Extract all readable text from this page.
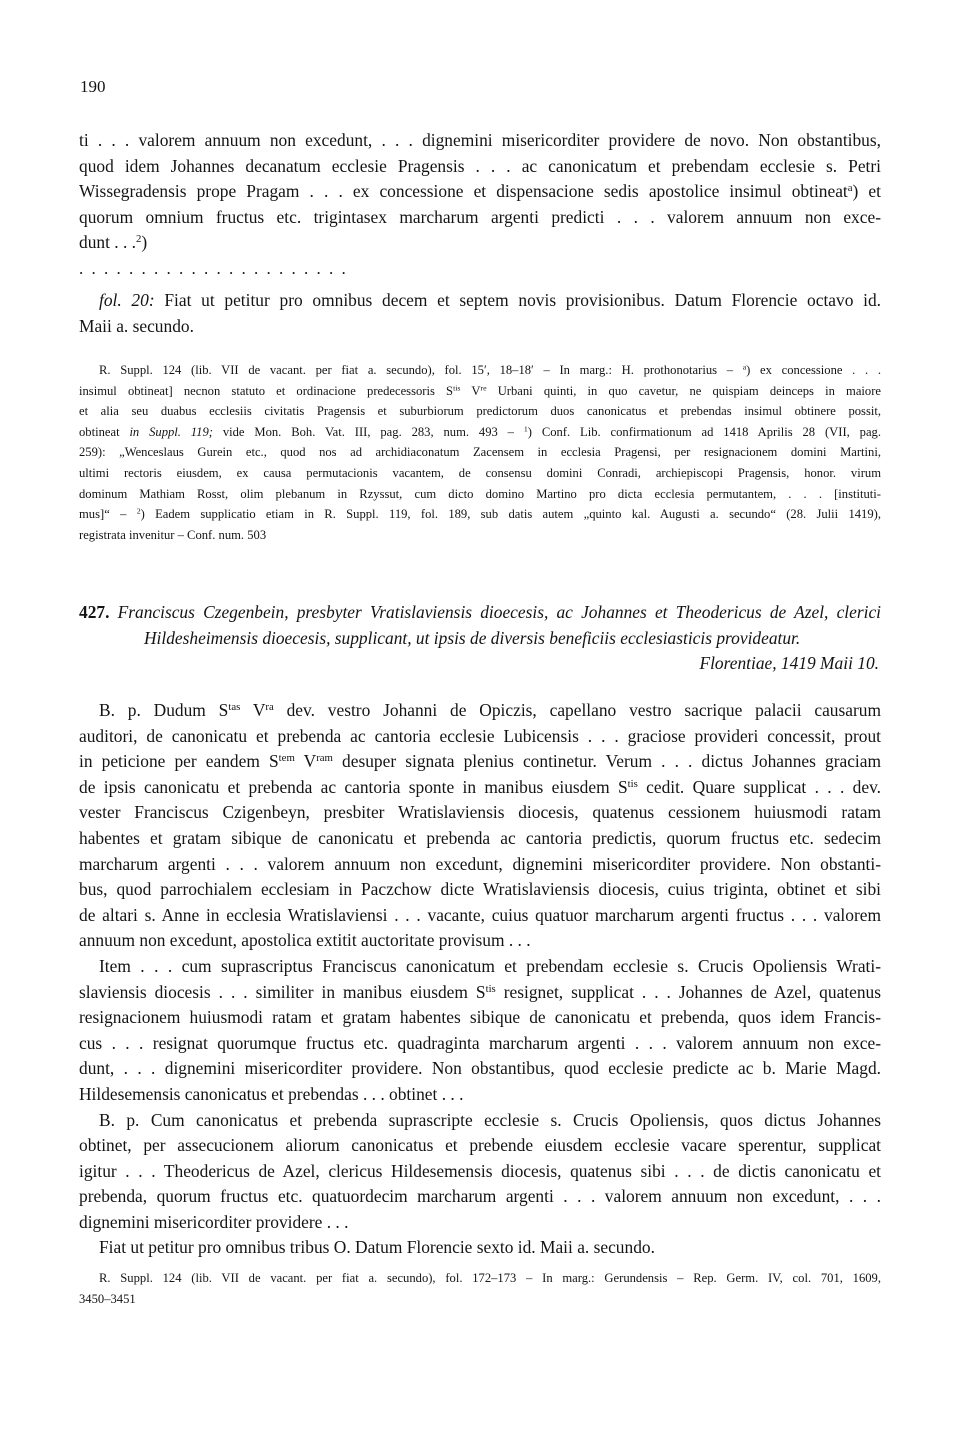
190

ti . . . valorem annuum non excedunt, . . . dignemini misericorditer providere de novo. Non obstantibus,

quod idem Johannes decanatum ecclesie Pragensis . . . ac canonicatum et prebendam ecclesie s. Petri

Wissegradensis prope Pragam . . . ex concessione et dispensacione sedis apostolice insimul obtineat$^a$) et

quorum omnium fructus etc. trigintasex marcharum argenti predicti . . . valorem annuum non exce-

dunt . . .$^2$)

. . . . . . . . . . . . . . . . . . . . . .

fol. 20: Fiat ut petitur pro omnibus decem et septem novis provisionibus. Datum Florencie octavo id.

Maii a. secundo.

R. Suppl. 124 (lib. VII de vacant. per fiat a. secundo), fol. 15′, 18–18′ – In marg.: H. prothonotarius – $^a$) ex concessione . . .

insimul obtineat] necnon statuto et ordinacione predecessoris $S^{tis}$ Vre Urbani quinti, in quo cavetur, ne quispiam deinceps in maiore

et alia seu duabus ecclesiis civitatis Pragensis et suburbiorum predictorum duos canonicatus et prebendas insimul obtinere possit,

obtineat in Suppl. 119; vide Mon. Boh. Vat. III, pag. 283, num. 493 – $^1$) Conf. Lib. confirmationum ad 1418 Aprilis 28 (VII, pag.

259): „Wenceslaus Gurein etc., quod nos ad archidiaconatum Zacensem in ecclesia Pragensi, per resignacionem domini Martini,

ultimi rectoris eiusdem, ex causa permutacionis vacantem, de consensu domini Conradi, archiepiscopi Pragensis, honor. virum

dominum Mathiam Rosst, olim plebanum in Rzyssut, cum dicto domino Martino pro dicta ecclesia permutantem, . . . [instituti-

mus]“ – $^2$) Eadem supplicatio etiam in R. Suppl. 119, fol. 189, sub datis autem „quinto kal. Augusti a. secundo“ (28. Julii 1419),

registrata invenitur – Conf. num. 503

427. Franciscus Czegenbein, presbyter Vratislaviensis dioecesis, ac Johannes et Theodericus de Azel, clerici
Hildesheimensis dioecesis, supplicant, ut ipsis de diversis beneficiis ecclesiasticis provideatur.
Florentiae, 1419 Maii 10.

B. p. Dudum $S^{tas}$ $V^{ra}$ dev. vestro Johanni de Opiczis, capellano vestro sacrique palacii causarum

auditori, de canonicatu et prebenda ac cantoria ecclesie Lubicensis . . . graciose provideri concessit, prout

in peticione per eandem $S^{tem}$ $V^{ram}$ desuper signata plenius continetur. Verum . . . dictus Johannes graciam

de ipsis canonicatu et prebenda ac cantoria sponte in manibus eiusdem $S^{tis}$ cedit. Quare supplicat . . . dev.

vester Franciscus Czigenbeyn, presbiter Wratislaviensis diocesis, quatenus cessionem huiusmodi ratam

habentes et gratam sibique de canonicatu et prebenda ac cantoria predictis, quorum fructus etc. sedecim

marcharum argenti . . . valorem annuum non excedunt, dignemini misericorditer providere. Non obstanti-

bus, quod parrochialem ecclesiam in Paczchow dicte Wratislaviensis diocesis, cuius triginta, obtinet et sibi

de altari s. Anne in ecclesia Wratislaviensi . . . vacante, cuius quatuor marcharum argenti fructus . . . valorem

annuum non excedunt, apostolica extitit auctoritate provisum . . .

Item . . . cum suprascriptus Franciscus canonicatum et prebendam ecclesie s. Crucis Opoliensis Wrati-

slaviensis diocesis . . . similiter in manibus eiusdem $S^{tis}$ resignet, supplicat . . . Johannes de Azel, quatenus

resignacionem huiusmodi ratam et gratam habentes sibique de canonicatu et prebenda, quos idem Francis-

cus . . . resignat quorumque fructus etc. quadraginta marcharum argenti . . . valorem annuum non exce-

dunt, . . . dignemini misericorditer providere. Non obstantibus, quod ecclesie predicte ac b. Marie Magd.

Hildesemensis canonicatus et prebendas . . . obtinet . . .

B. p. Cum canonicatus et prebenda suprascripte ecclesie s. Crucis Opoliensis, quos dictus Johannes

obtinet, per assecucionem aliorum canonicatus et prebende eiusdem ecclesie vacare sperentur, supplicat

igitur . . . Theodericus de Azel, clericus Hildesemensis diocesis, quatenus sibi . . . de dictis canonicatu et

prebenda, quorum fructus etc. quatuordecim marcharum argenti . . . valorem annuum non excedunt, . . .

dignemini misericorditer providere . . .

Fiat ut petitur pro omnibus tribus O. Datum Florencie sexto id. Maii a. secundo.

R. Suppl. 124 (lib. VII de vacant. per fiat a. secundo), fol. 172–173 – In marg.: Gerundensis – Rep. Germ. IV, col. 701, 1609,

3450–3451
